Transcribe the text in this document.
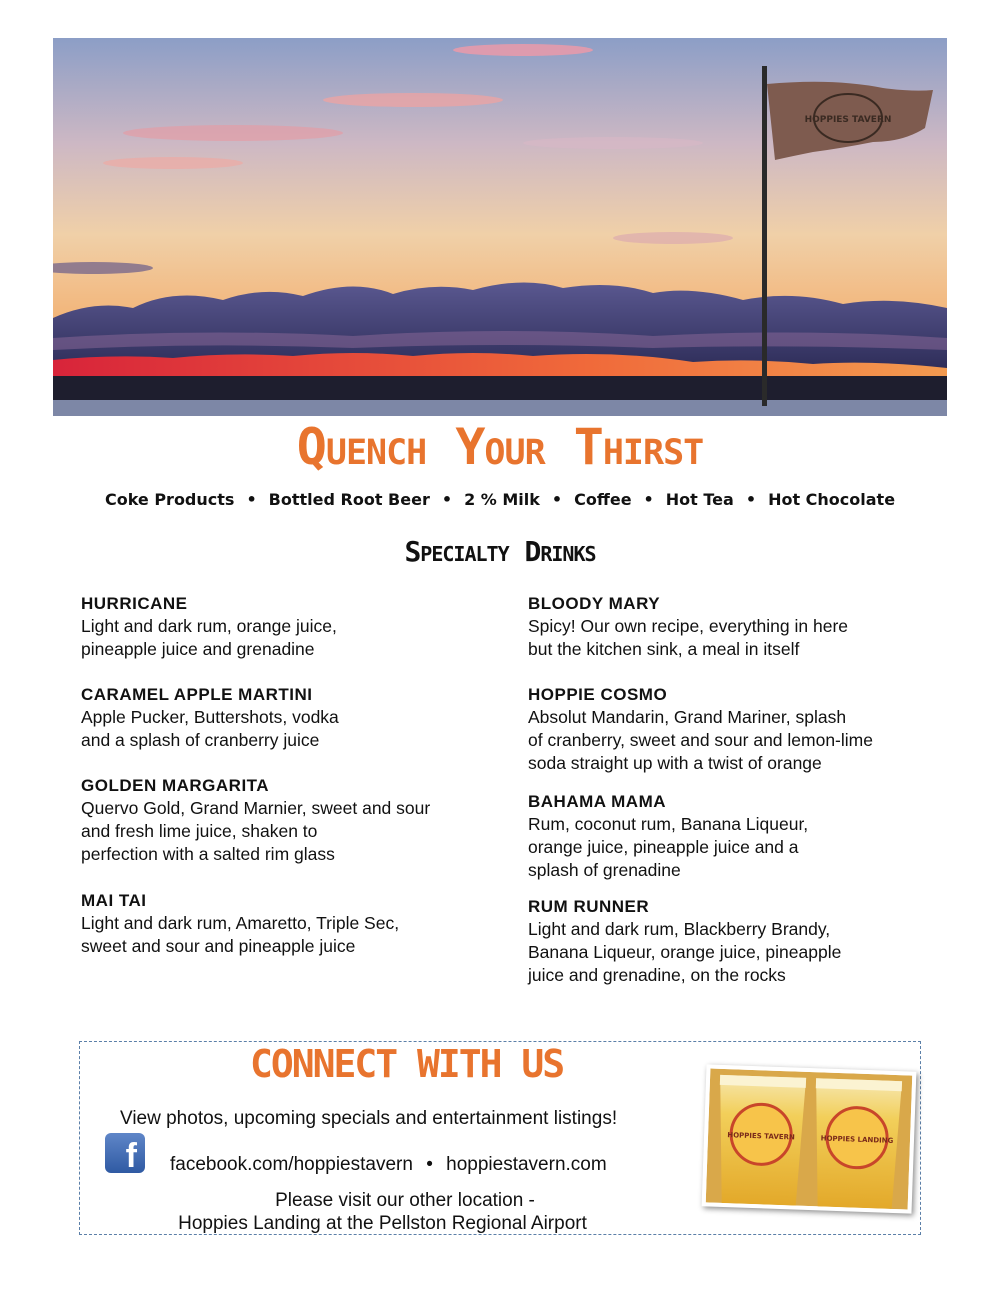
HOPPIES TAVERN
Quench Your Thirst
Coke Products • Bottled Root Beer • 2 % Milk • Coffee • Hot Tea • Hot Chocolate
Specialty Drinks
HURRICANE
Light and dark rum, orange juice,
pineapple juice and grenadine
CARAMEL APPLE MARTINI
Apple Pucker, Buttershots, vodka
and a splash of cranberry juice
GOLDEN MARGARITA
Quervo Gold, Grand Marnier, sweet and sour
and fresh lime juice, shaken to
perfection with a salted rim glass
MAI TAI
Light and dark rum, Amaretto, Triple Sec,
sweet and sour and pineapple juice
BLOODY MARY
Spicy! Our own recipe, everything in here
but the kitchen sink, a meal in itself
HOPPIE COSMO
Absolut Mandarin, Grand Mariner, splash
of cranberry, sweet and sour and lemon-lime
soda straight up with a twist of orange
BAHAMA MAMA
Rum, coconut rum, Banana Liqueur,
orange juice, pineapple juice and a
splash of grenadine
RUM RUNNER
Light and dark rum, Blackberry Brandy,
Banana Liqueur, orange juice, pineapple
juice and grenadine, on the rocks
CONNECT WITH US
View photos, upcoming specials and entertainment listings!
f	facebook.com/hoppiestavern • hoppiestavern.com
Please visit our other location -
Hoppies Landing at the Pellston Regional Airport
HOPPIES TAVERN	HOPPIES LANDING
